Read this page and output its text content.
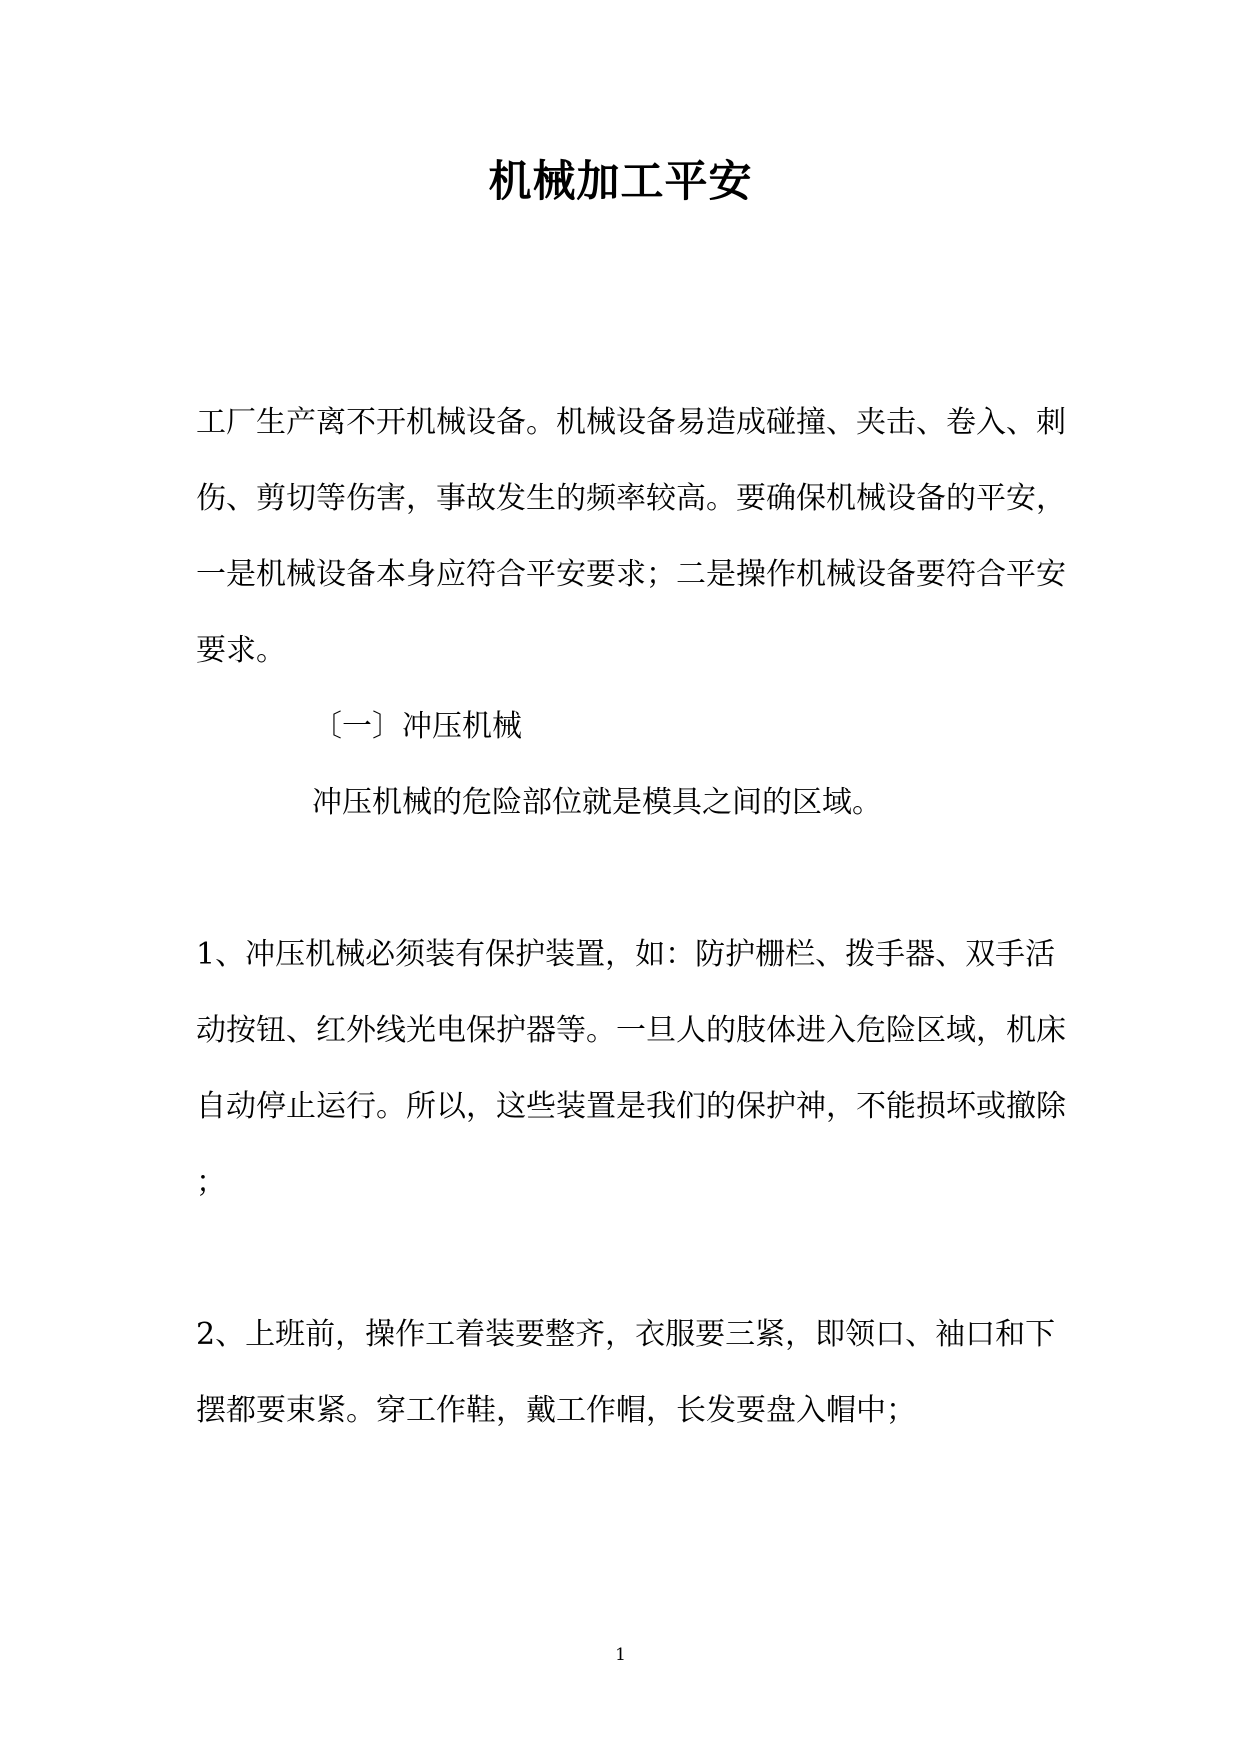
机械加工平安
工厂生产离不开机械设备。机械设备易造成碰撞、夹击、卷入、刺
伤、剪切等伤害，事故发生的频率较高。要确保机械设备的平安，
一是机械设备本身应符合平安要求；二是操作机械设备要符合平安
要求。
〔一〕冲压机械
冲压机械的危险部位就是模具之间的区域。
1、冲压机械必须装有保护装置，如：防护栅栏、拨手器、双手活
动按钮、红外线光电保护器等。一旦人的肢体进入危险区域，机床
自动停止运行。所以，这些装置是我们的保护神，不能损坏或撤除
；
2、上班前，操作工着装要整齐，衣服要三紧，即领口、袖口和下
摆都要束紧。穿工作鞋，戴工作帽，长发要盘入帽中；
1
